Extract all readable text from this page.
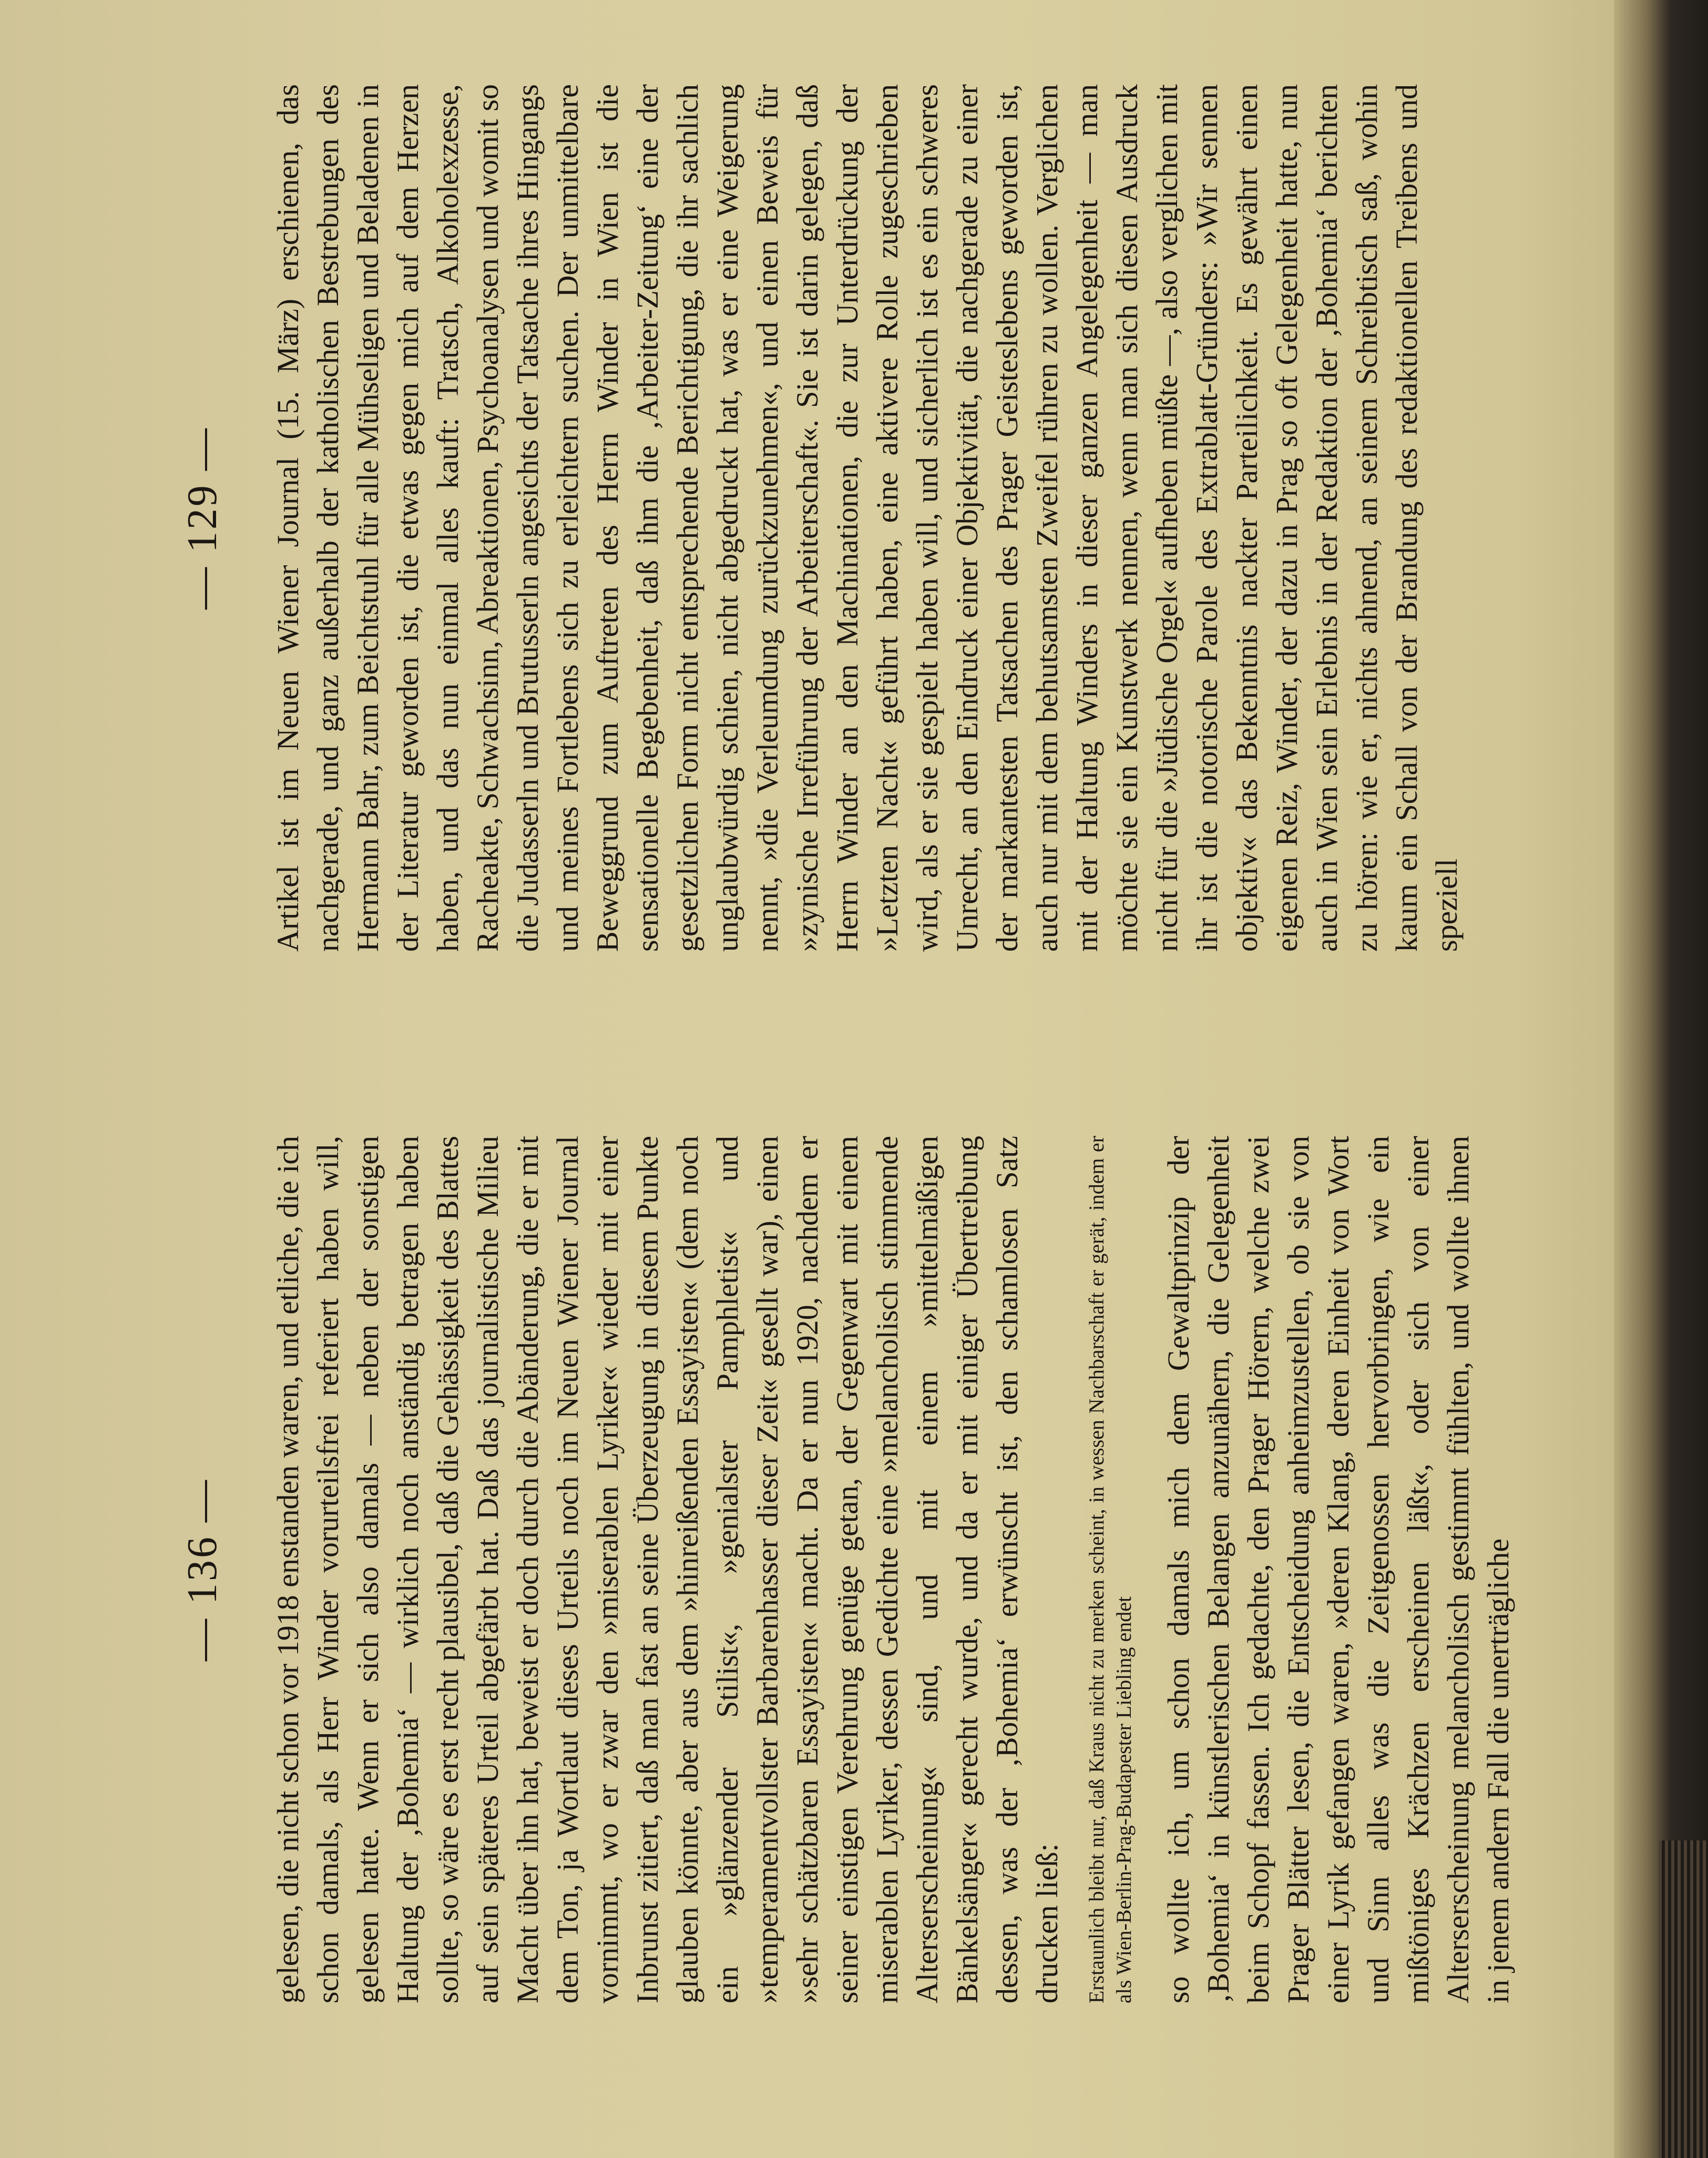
— 129 — Artikel ist im Neuen Wiener Journal (15. März) erschienen, das nachgerade, und ganz außerhalb der katholischen Bestrebungen des Hermann Bahr, zum Beichtstuhl für alle Mühseligen und Beladenen in der Literatur geworden ist, die etwas gegen mich auf dem Herzen haben, und das nun einmal alles kauft: Tratsch, Alkoholexzesse, Racheakte, Schwachsinn, Abreaktionen, Psychoanalysen und womit so die Judasserln und Brutusserln angesichts der Tatsache ihres Hingangs und meines Fortlebens sich zu erleichtern suchen. Der unmittelbare Beweggrund zum Auftreten des Herrn Winder in Wien ist die sensationelle Begebenheit, daß ihm die ‚Arbeiter-Zeitung‘ eine der gesetzlichen Form nicht entsprechende Berichtigung, die ihr sachlich unglaubwürdig schien, nicht abgedruckt hat, was er eine Weigerung nennt, »die Verleumdung zurückzunehmen«, und einen Beweis für »zynische Irreführung der Arbeiterschaft«. Sie ist darin gelegen, daß Herrn Winder an den Machinationen, die zur Unterdrückung der »Letzten Nacht« geführt haben, eine aktivere Rolle zugeschrieben wird, als er sie gespielt haben will, und sicherlich ist es ein schweres Unrecht, an den Eindruck einer Objektivität, die nachgerade zu einer der markantesten Tatsachen des Prager Geisteslebens geworden ist, auch nur mit dem behutsamsten Zweifel rühren zu wollen. Verglichen mit der Haltung Winders in dieser ganzen Angelegenheit — man möchte sie ein Kunstwerk nennen, wenn man sich diesen Ausdruck nicht für die »Jüdische Orgel« aufheben müßte —, also verglichen mit ihr ist die notorische Parole des Extrablatt-Gründers: »Wir sennen objektiv« das Bekenntnis nackter Parteilichkeit. Es gewährt einen eigenen Reiz, Winder, der dazu in Prag so oft Gelegenheit hatte, nun auch in Wien sein Erlebnis in der Redaktion der ‚Bohemia‘ berichten zu hören: wie er, nichts ahnend, an seinem Schreibtisch saß, wohin kaum ein Schall von der Brandung des redaktionellen Treibens und speziell

— 136 — gelesen, die nicht schon vor 1918 enstanden waren, und etliche, die ich schon damals, als Herr Winder vorurteilsfrei referiert haben will, gelesen hatte. Wenn er sich also damals — neben der sonstigen Haltung der ‚Bohemia‘ — wirklich noch anständig betragen haben sollte, so wäre es erst recht plausibel, daß die Gehässigkeit des Blattes auf sein späteres Urteil abgefärbt hat. Daß das journalistische Milieu Macht über ihn hat, beweist er doch durch die Abänderung, die er mit dem Ton, ja Wortlaut dieses Urteils noch im Neuen Wiener Journal vornimmt, wo er zwar den »miserablen Lyriker« wieder mit einer Inbrunst zitiert, daß man fast an seine Überzeugung in diesem Punkte glauben könnte, aber aus dem »hinreißenden Essayisten« (dem noch ein »glänzender Stilist«, »genialster Pamphletist« und »temperamentvollster Barbarenhasser dieser Zeit« gesellt war), einen »sehr schätzbaren Essayisten« macht. Da er nun 1920, nachdem er seiner einstigen Verehrung genüge getan, der Gegenwart mit einem miserablen Lyriker, dessen Gedichte eine »melancholisch stimmende Alterserscheinung« sind, und mit einem »mittelmäßigen Bänkelsänger« gerecht wurde, und da er mit einiger Übertreibung dessen, was der ‚Bohemia‘ erwünscht ist, den schamlosen Satz drucken ließ: Erstaunlich bleibt nur, daß Kraus nicht zu merken scheint, in wessen Nachbarschaft er gerät, indem er als Wien-Berlin-Prag-Budapester Liebling endet so wollte ich, um schon damals mich dem Gewaltprinzip der ‚Bohemia‘ in künstlerischen Belangen anzunähern, die Gelegenheit beim Schopf fassen. Ich gedachte, den Prager Hörern, welche zwei Prager Blätter lesen, die Entscheidung anheimzustellen, ob sie von einer Lyrik gefangen waren, »deren Klang, deren Einheit von Wort und Sinn alles was die Zeitgenossen hervorbringen, wie ein mißtöniges Krächzen erscheinen läßt«, oder sich von einer Alterserscheinung melancholisch gestimmt fühlten, und wollte ihnen in jenem andern Fall die unerträgliche
